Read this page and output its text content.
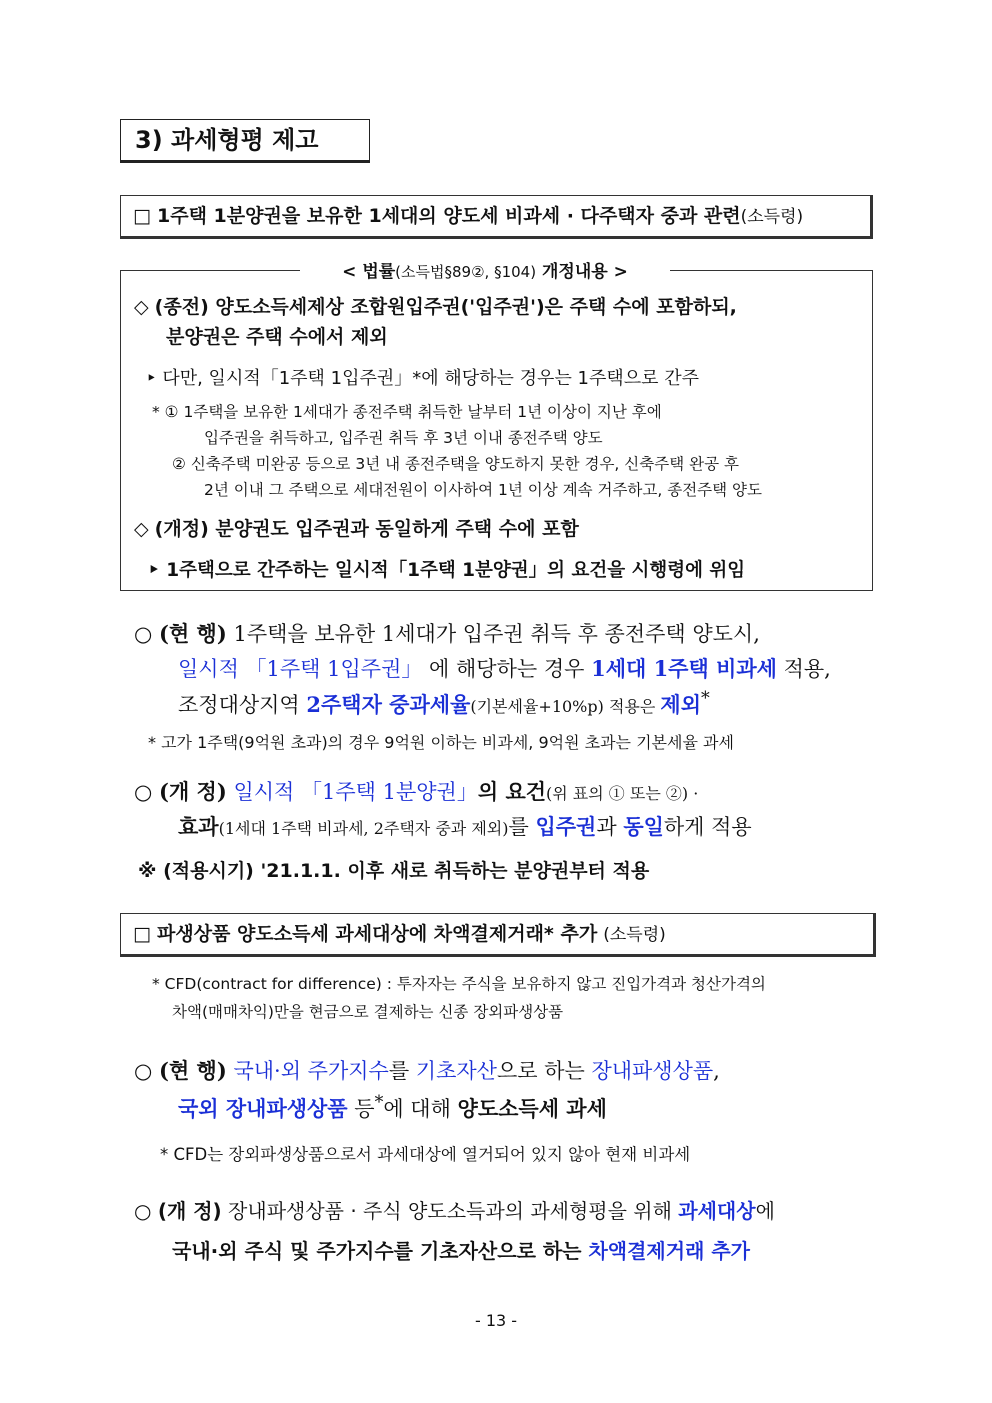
3) 과세형평 제고
□ 1주택 1분양권을 보유한 1세대의 양도세 비과세 · 다주택자 중과 관련(소득령)
< 법률(소득법§89②, §104) 개정내용 >
◇ (종전) 양도소득세제상 조합원입주권('입주권')은 주택 수에 포함하되,
분양권은 주택 수에서 제외
‣ 다만, 일시적「1주택 1입주권」*에 해당하는 경우는 1주택으로 간주
* ① 1주택을 보유한 1세대가 종전주택 취득한 날부터 1년 이상이 지난 후에
입주권을 취득하고, 입주권 취득 후 3년 이내 종전주택 양도
② 신축주택 미완공 등으로 3년 내 종전주택을 양도하지 못한 경우, 신축주택 완공 후
2년 이내 그 주택으로 세대전원이 이사하여 1년 이상 계속 거주하고, 종전주택 양도
◇ (개정) 분양권도 입주권과 동일하게 주택 수에 포함
‣ 1주택으로 간주하는 일시적「1주택 1분양권」의 요건을 시행령에 위임
○ (현 행) 1주택을 보유한 1세대가 입주권 취득 후 종전주택 양도시,
일시적 「1주택 1입주권」 에 해당하는 경우 1세대 1주택 비과세 적용,
조정대상지역 2주택자 중과세율(기본세율+10%p) 적용은 제외*
* 고가 1주택(9억원 초과)의 경우 9억원 이하는 비과세, 9억원 초과는 기본세율 과세
○ (개 정) 일시적 「1주택 1분양권」의 요건(위 표의 ① 또는 ②) ·
효과(1세대 1주택 비과세, 2주택자 중과 제외)를 입주권과 동일하게 적용
※ (적용시기) '21.1.1. 이후 새로 취득하는 분양권부터 적용
□ 파생상품 양도소득세 과세대상에 차액결제거래* 추가 (소득령)
* CFD(contract for difference) : 투자자는 주식을 보유하지 않고 진입가격과 청산가격의
차액(매매차익)만을 현금으로 결제하는 신종 장외파생상품
○ (현 행) 국내·외 주가지수를 기초자산으로 하는 장내파생상품,
국외 장내파생상품 등*에 대해 양도소득세 과세
* CFD는 장외파생상품으로서 과세대상에 열거되어 있지 않아 현재 비과세
○ (개 정) 장내파생상품 · 주식 양도소득과의 과세형평을 위해 과세대상에
국내·외 주식 및 주가지수를 기초자산으로 하는 차액결제거래 추가
- 13 -
